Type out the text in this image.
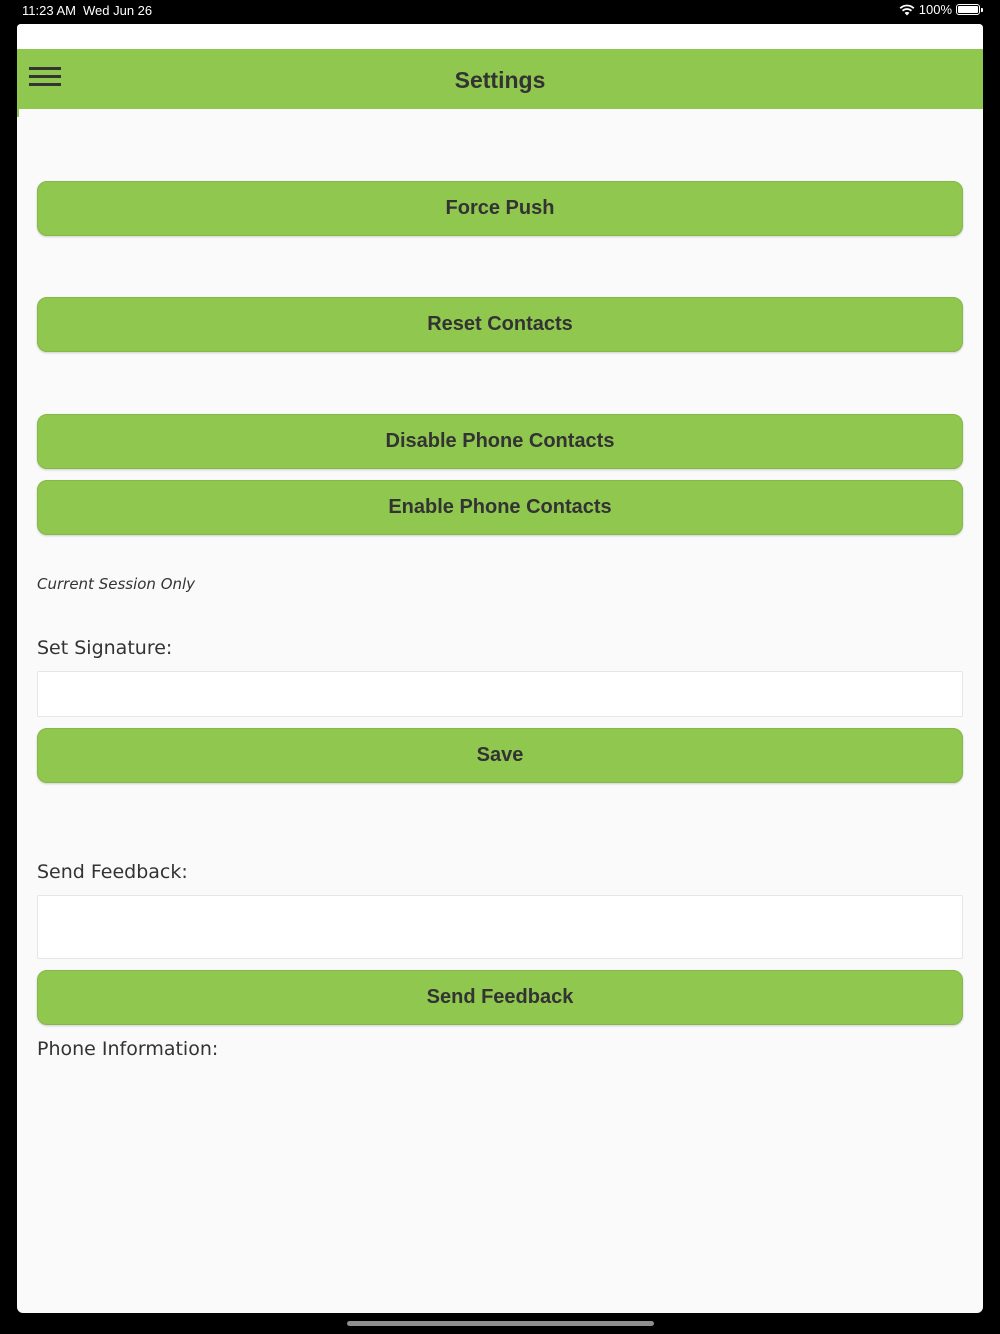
11:23 AM Wed Jun 26	100%
Settings
Force Push
Reset Contacts
Disable Phone Contacts
Enable Phone Contacts
Current Session Only
Set Signature:
Save
Send Feedback:
Send Feedback
Phone Information:
